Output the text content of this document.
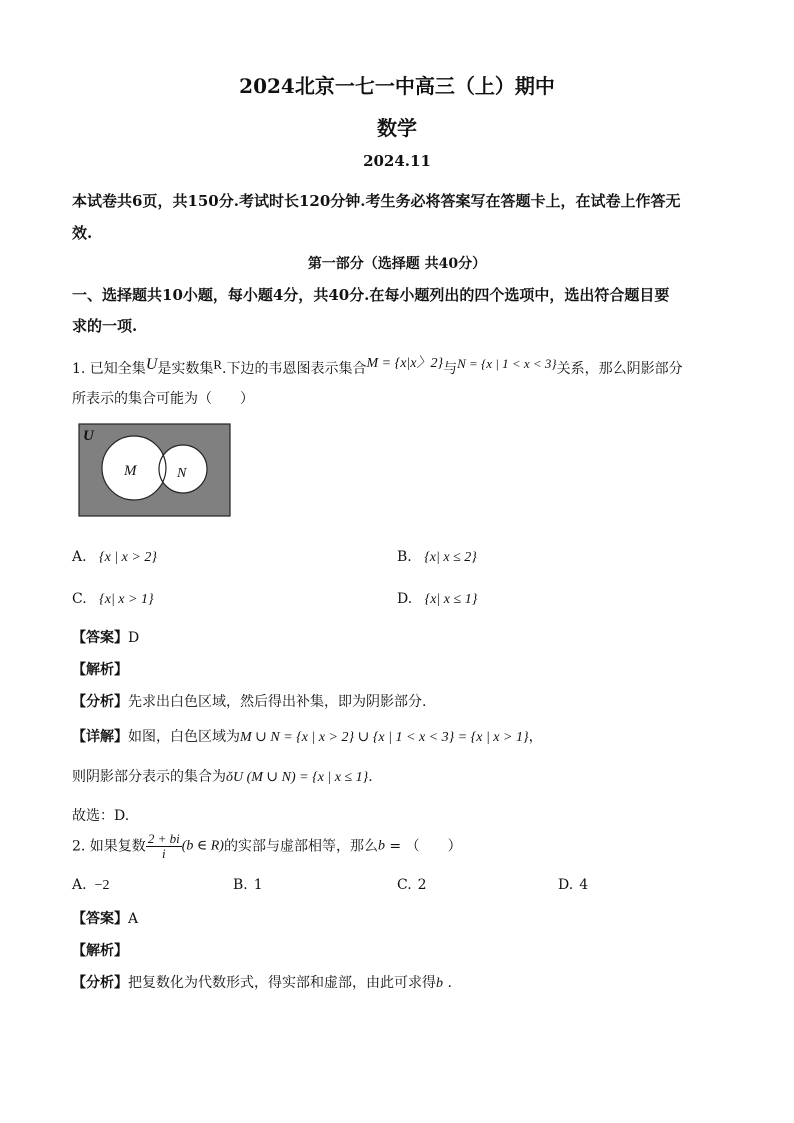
2024北京一七一中高三（上）期中
数学
2024.11
本试卷共6页，共150分.考试时长120分钟.考生务必将答案写在答题卡上，在试卷上作答无
效.
第一部分（选择题 共40分）
一、选择题共10小题，每小题4分，共40分.在每小题列出的四个选项中，选出符合题目要
求的一项.
1. 已知全集U是实数集R.下边的韦恩图表示集合M = {x|x〉2}与N = {x | 1 < x < 3}关系，那么阴影部分
所表示的集合可能为（　　）
U
M	N
A. {x | x > 2}	B. {x| x ≤ 2}
C. {x| x > 1}	D. {x| x ≤ 1}
【答案】D
【解析】
【分析】先求出白色区域，然后得出补集，即为阴影部分.
【详解】如图，白色区域为M ∪ N = {x | x > 2} ∪ {x | 1 < x < 3} = {x | x > 1}，
则阴影部分表示的集合为ǒU (M ∪ N) = {x | x ≤ 1}.
故选：D.
2. 如果复数 $\frac{2 + bi}{i} (b$ ∈ R)的实部与虚部相等，那么b = （　　）
A. −2	B. 1	C. 2	D. 4
【答案】A
【解析】
【分析】把复数化为代数形式，得实部和虚部，由此可求得b .
